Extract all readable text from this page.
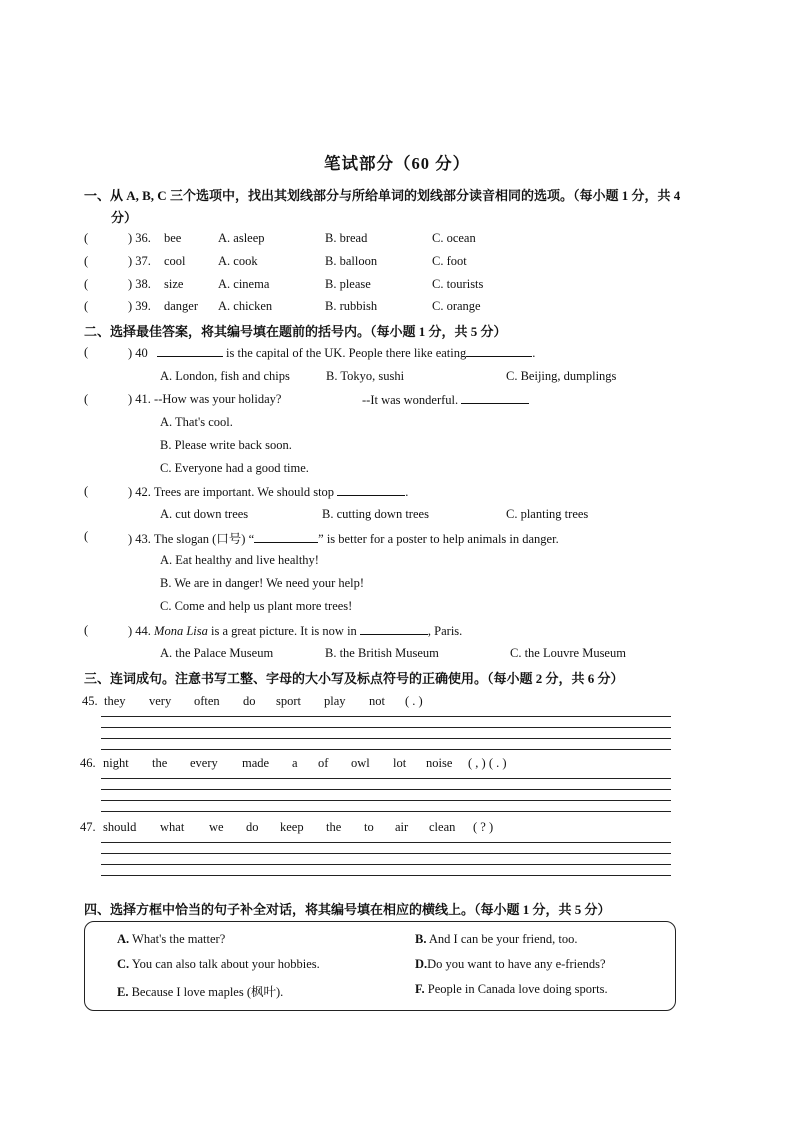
笔试部分（60 分）
一、从 A, B, C 三个选项中，找出其划线部分与所给单词的划线部分读音相同的选项。（每小题 1 分，共 4
分）
(	) 36. bee	A. asleep	B. bread	C. ocean
(	) 37. cool	A. cook	B. balloon	C. foot
(	) 38. size	A. cinema	B. please	C. tourists
(	) 39. danger A. chicken	B. rubbish	C. orange
二、选择最佳答案，将其编号填在题前的括号内。（每小题 1 分，共 5 分）
(	) 40	is the capital of the UK. People there like eating	.
A. London, fish and chips	B. Tokyo, sushi	C. Beijing, dumplings
(	) 41. --How was your holiday?	--It was wonderful.
A. That's cool.
B. Please write back soon.
C. Everyone had a good time.
(	) 42. Trees are important. We should stop	.
A. cut down trees	B. cutting down trees	C. planting trees
(	) 43. The slogan (口号) “	” is better for a poster to help animals in danger.
A. Eat healthy and live healthy!
B. We are in danger! We need your help!
C. Come and help us plant more trees!
(	) 44. Mona Lisa is a great picture. It is now in	, Paris.
A. the Palace Museum	B. the British Museum	C. the Louvre Museum
三、连词成句。注意书写工整、字母的大小写及标点符号的正确使用。（每小题 2 分，共 6 分）
45. they very often do sport play not ( . )
46. night the every made a of owl lot noise ( , ) ( . )
47. should what we do keep the to air clean ( ? )
四、选择方框中恰当的句子补全对话，将其编号填在相应的横线上。（每小题 1 分，共 5 分）
A. What's the matter?	B. And I can be your friend, too.
C. You can also talk about your hobbies.	D.Do you want to have any e-friends?
E. Because I love maples (枫叶).	F. People in Canada love doing sports.
